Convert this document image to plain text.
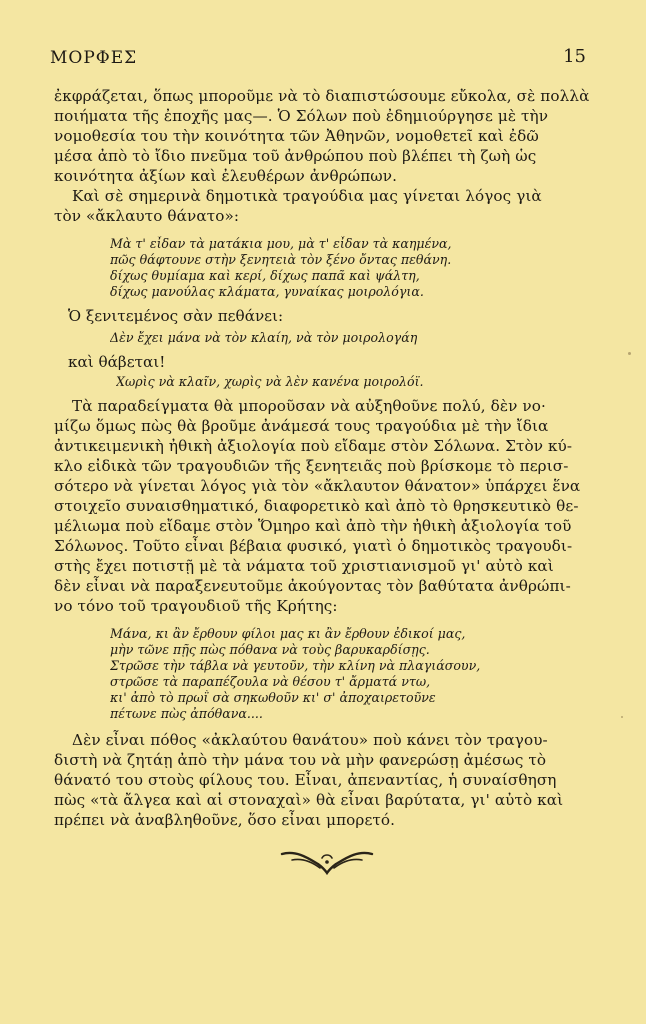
ΜΟΡΦΕΣ	15
ἐκφράζεται, ὅπως μποροῦμε νὰ τὸ διαπιστώσουμε εὔκολα, σὲ πολλὰ
ποιήματα τῆς ἐποχῆς μας—. Ὁ Σόλων ποὺ ἐδημιούργησε μὲ τὴν
νομοθεσία του τὴν κοινότητα τῶν Ἀθηνῶν, νομοθετεῖ καὶ ἐδῶ
μέσα ἀπὸ τὸ ἴδιο πνεῦμα τοῦ ἀνθρώπου ποὺ βλέπει τὴ ζωὴ ὡς
κοινότητα ἀξίων καὶ ἐλευθέρων ἀνθρώπων.
Καὶ σὲ σημερινὰ δημοτικὰ τραγούδια μας γίνεται λόγος γιὰ
τὸν «ἄκλαυτο θάνατο»:
Μὰ τ' εἶδαν τὰ ματάκια μου, μὰ τ' εἶδαν τὰ καημένα,
πῶς θάφτουνε στὴν ξενητειὰ τὸν ξένο ὄντας πεθάνη.
δίχως θυμίαμα καὶ κερί, δίχως παπᾶ καὶ ψάλτη,
δίχως μανούλας κλάματα, γυναίκας μοιρολόγια.
Ὁ ξενιτεμένος σὰν πεθάνει:
Δὲν ἔχει μάνα νὰ τὸν κλαίη, νὰ τὸν μοιρολογάη
καὶ θάβεται!
Χωρὶς νὰ κλαῖν, χωρὶς νὰ λὲν κανένα μοιρολόϊ.
Τὰ παραδείγματα θὰ μποροῦσαν νὰ αὐξηθοῦνε πολύ, δὲν νο·
μίζω ὅμως πὼς θὰ βροῦμε ἀνάμεσά τους τραγούδια μὲ τὴν ἴδια
ἀντικειμενικὴ ἠθικὴ ἀξιολογία ποὺ εἴδαμε στὸν Σόλωνα. Στὸν κύ-
κλο εἰδικὰ τῶν τραγουδιῶν τῆς ξενητειᾶς ποὺ βρίσκομε τὸ περισ-
σότερο νὰ γίνεται λόγος γιὰ τὸν «ἄκλαυτον θάνατον» ὑπάρχει ἕνα
στοιχεῖο συναισθηματικό, διαφορετικὸ καὶ ἀπὸ τὸ θρησκευτικὸ θε-
μέλιωμα ποὺ εἴδαμε στὸν Ὅμηρο καὶ ἀπὸ τὴν ἠθικὴ ἀξιολογία τοῦ
Σόλωνος. Τοῦτο εἶναι βέβαια φυσικό, γιατὶ ὁ δημοτικὸς τραγουδι-
στὴς ἔχει ποτιστῇ μὲ τὰ νάματα τοῦ χριστιανισμοῦ γι' αὐτὸ καὶ
δὲν εἶναι νὰ παραξενευτοῦμε ἀκούγοντας τὸν βαθύτατα ἀνθρώπι-
νο τόνο τοῦ τραγουδιοῦ τῆς Κρήτης:
Μάνα, κι ἂν ἔρθουν φίλοι μας κι ἂν ἔρθουν ἐδικοί μας,
μὴν τῶνε πῇς πὼς πόθανα νὰ τοὺς βαρυκαρδίσῃς.
Στρῶσε τὴν τάβλα νὰ γευτοῦν, τὴν κλίνη νὰ πλαγιάσουν,
στρῶσε τὰ παραπέζουλα νὰ θέσου τ' ἄρματά ντω,
κι' ἀπὸ τὸ πρωῒ σὰ σηκωθοῦν κι' σ' ἀποχαιρετοῦνε
πέτωνε πὼς ἀπόθανα....
Δὲν εἶναι πόθος «ἀκλαύτου θανάτου» ποὺ κάνει τὸν τραγου-
διστὴ νὰ ζητάῃ ἀπὸ τὴν μάνα του νὰ μὴν φανερώσῃ ἀμέσως τὸ
θάνατό του στοὺς φίλους του. Εἶναι, ἀπεναντίας, ἡ συναίσθηση
πὼς «τὰ ἄλγεα καὶ αἱ στοναχαὶ» θὰ εἶναι βαρύτατα, γι' αὐτὸ καὶ
πρέπει νὰ ἀναβληθοῦνε, ὅσο εἶναι μπορετό.
